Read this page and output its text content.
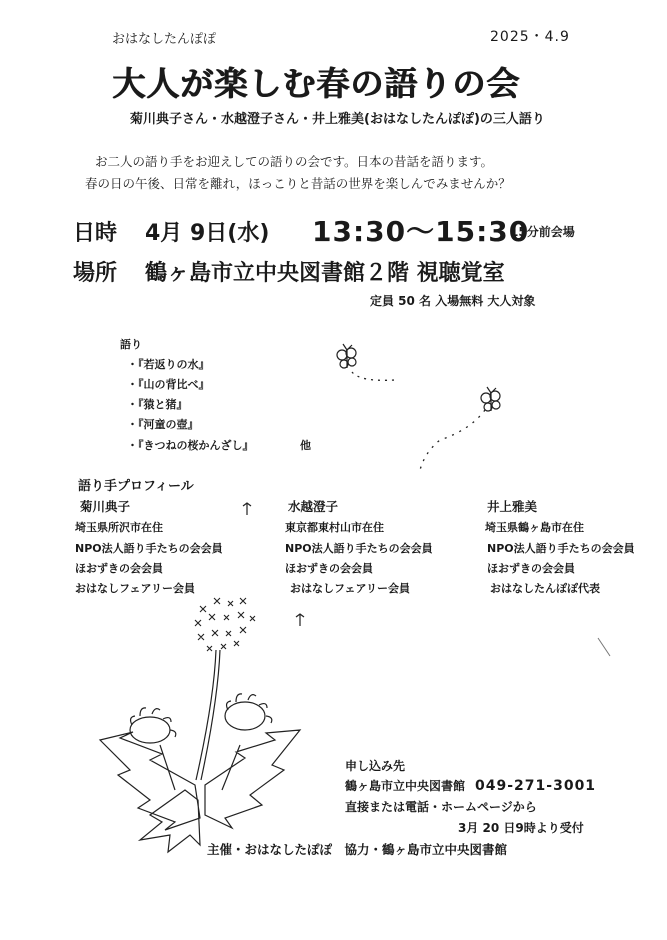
おはなしたんぽぽ	2025・4.9
大人が楽しむ春の語りの会
菊川典子さん・水越澄子さん・井上雅美(おはなしたんぽぽ)の三人語り
お二人の語り手をお迎えしての語りの会です。日本の昔話を語ります。
春の日の午後、日常を離れ，ほっこりと昔話の世界を楽しんでみませんか？
日時 4月 9日(水) 13:30〜15:30
15分前会場
場所 鶴ヶ島市立中央図書館２階 視聴覚室
定員 50 名 入場無料 大人対象
語り
・『若返りの水』
・『山の背比べ』
・『猿と猪』
・『河童の壺』
・『きつねの桜かんざし』	他
語り手プロフィール
菊川典子
埼玉県所沢市在住
NPO法人語り手たちの会会員
ほおずきの会会員
おはなしフェアリー会員
水越澄子
東京都東村山市在住
NPO法人語り手たちの会会員
ほおずきの会会員
おはなしフェアリー会員
井上雅美
埼玉県鶴ヶ島市在住
NPO法人語り手たちの会会員
ほおずきの会会員
おはなしたんぽぽ代表
申し込み先
鶴ヶ島市立中央図書館 049-271-3001
直接または電話・ホームページから
3月 20 日9時より受付
主催・おはなしたぽぽ　協力・鶴ヶ島市立中央図書館
